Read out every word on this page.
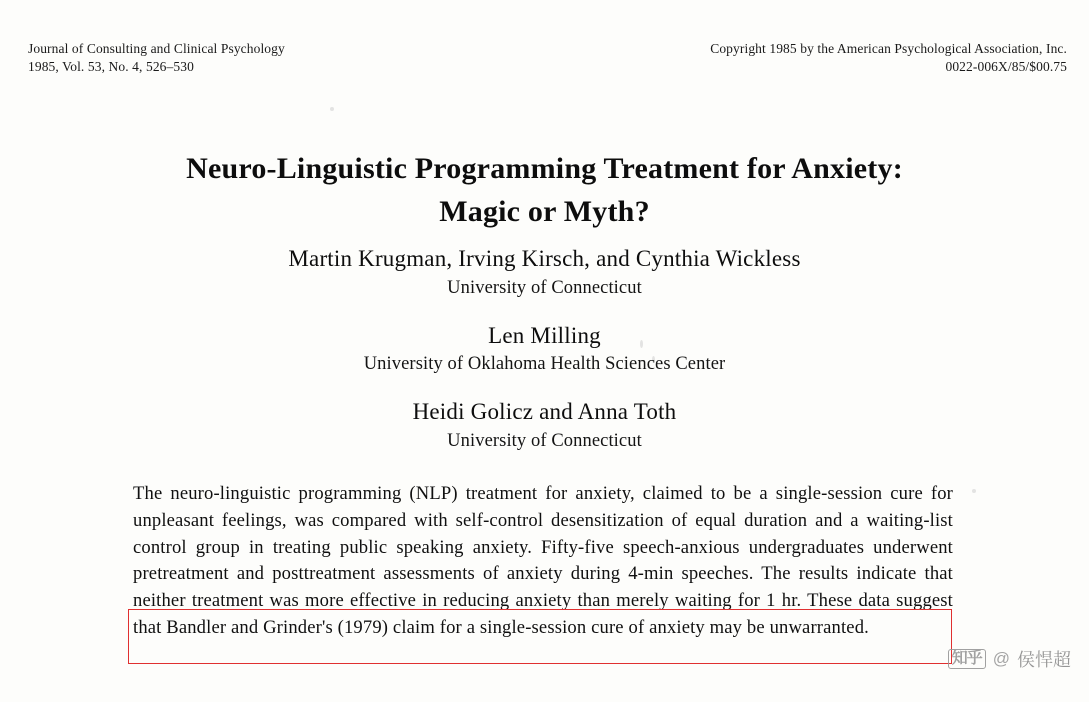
Journal of Consulting and Clinical Psychology
1985, Vol. 53, No. 4, 526–530
Copyright 1985 by the American Psychological Association, Inc.
0022-006X/85/$00.75
Neuro-Linguistic Programming Treatment for Anxiety:
Magic or Myth?
Martin Krugman, Irving Kirsch, and Cynthia Wickless
University of Connecticut
Len Milling
University of Oklahoma Health Sciences Center
Heidi Golicz and Anna Toth
University of Connecticut

The neuro-linguistic programming (NLP) treatment for anxiety, claimed to be a single-session cure for unpleasant feelings, was compared with self-control desensitization of equal duration and a waiting-list control group in treating public speaking anxiety. Fifty-five speech-anxious undergraduates underwent pretreatment and posttreatment assessments of anxiety during 4-min speeches. The results indicate that neither treatment was more effective in reducing anxiety than merely waiting for 1 hr. These data suggest that Bandler and Grinder's (1979) claim for a single-session cure of anxiety may be unwarranted.

知乎 @ 侯悍超
